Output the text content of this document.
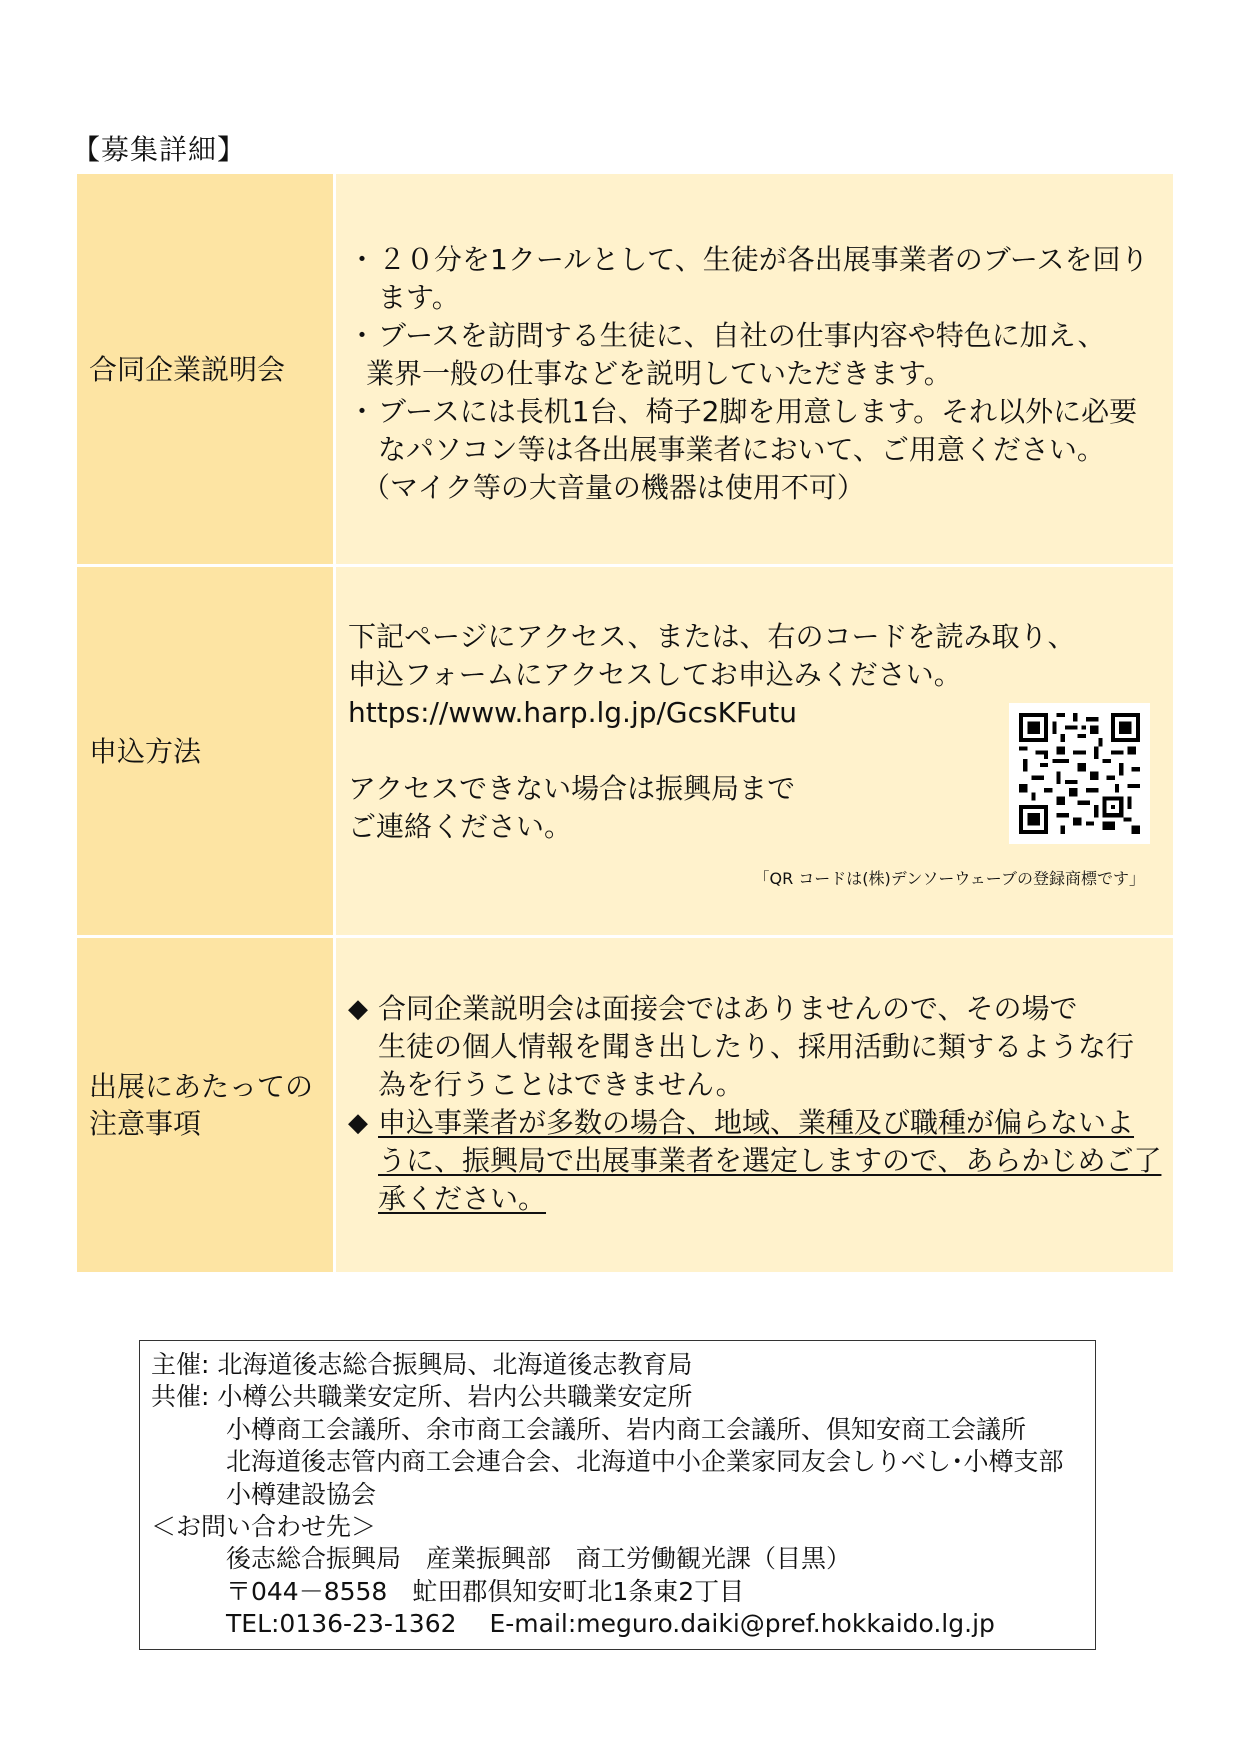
【募集詳細】
合同企業説明会
・ ２０分を1クールとして、生徒が各出展事業者のブースを回り
ます。
・ ブースを訪問する生徒に、自社の仕事内容や特色に加え、
業界一般の仕事などを説明していただきます。
・ ブースには長机1台、椅子2脚を用意します。それ以外に必要
なパソコン等は各出展事業者において、ご用意ください。
（マイク等の大音量の機器は使用不可）
申込方法
下記ページにアクセス、または、右のコードを読み取り、
申込フォームにアクセスしてお申込みください。
https://www.harp.lg.jp/GcsKFutu
アクセスできない場合は振興局まで
ご連絡ください。
「QR コードは(株)デンソーウェーブの登録商標です」
出展にあたっての
注意事項
◆ 合同企業説明会は面接会ではありませんので、その場で
生徒の個人情報を聞き出したり、採用活動に類するような行
為を行うことはできません。
◆ 申込事業者が多数の場合、地域、業種及び職種が偏らないよ
うに、振興局で出展事業者を選定しますので、あらかじめご了
承ください。
主催: 北海道後志総合振興局、北海道後志教育局
共催: 小樽公共職業安定所、岩内公共職業安定所
小樽商工会議所、余市商工会議所、岩内商工会議所、倶知安商工会議所
北海道後志管内商工会連合会、北海道中小企業家同友会しりべし･小樽支部
小樽建設協会
＜お問い合わせ先＞
後志総合振興局　産業振興部　商工労働観光課（目黒）
〒044－8558　虻田郡倶知安町北1条東2丁目
TEL:0136-23-1362　 E-mail:meguro.daiki@pref.hokkaido.lg.jp
